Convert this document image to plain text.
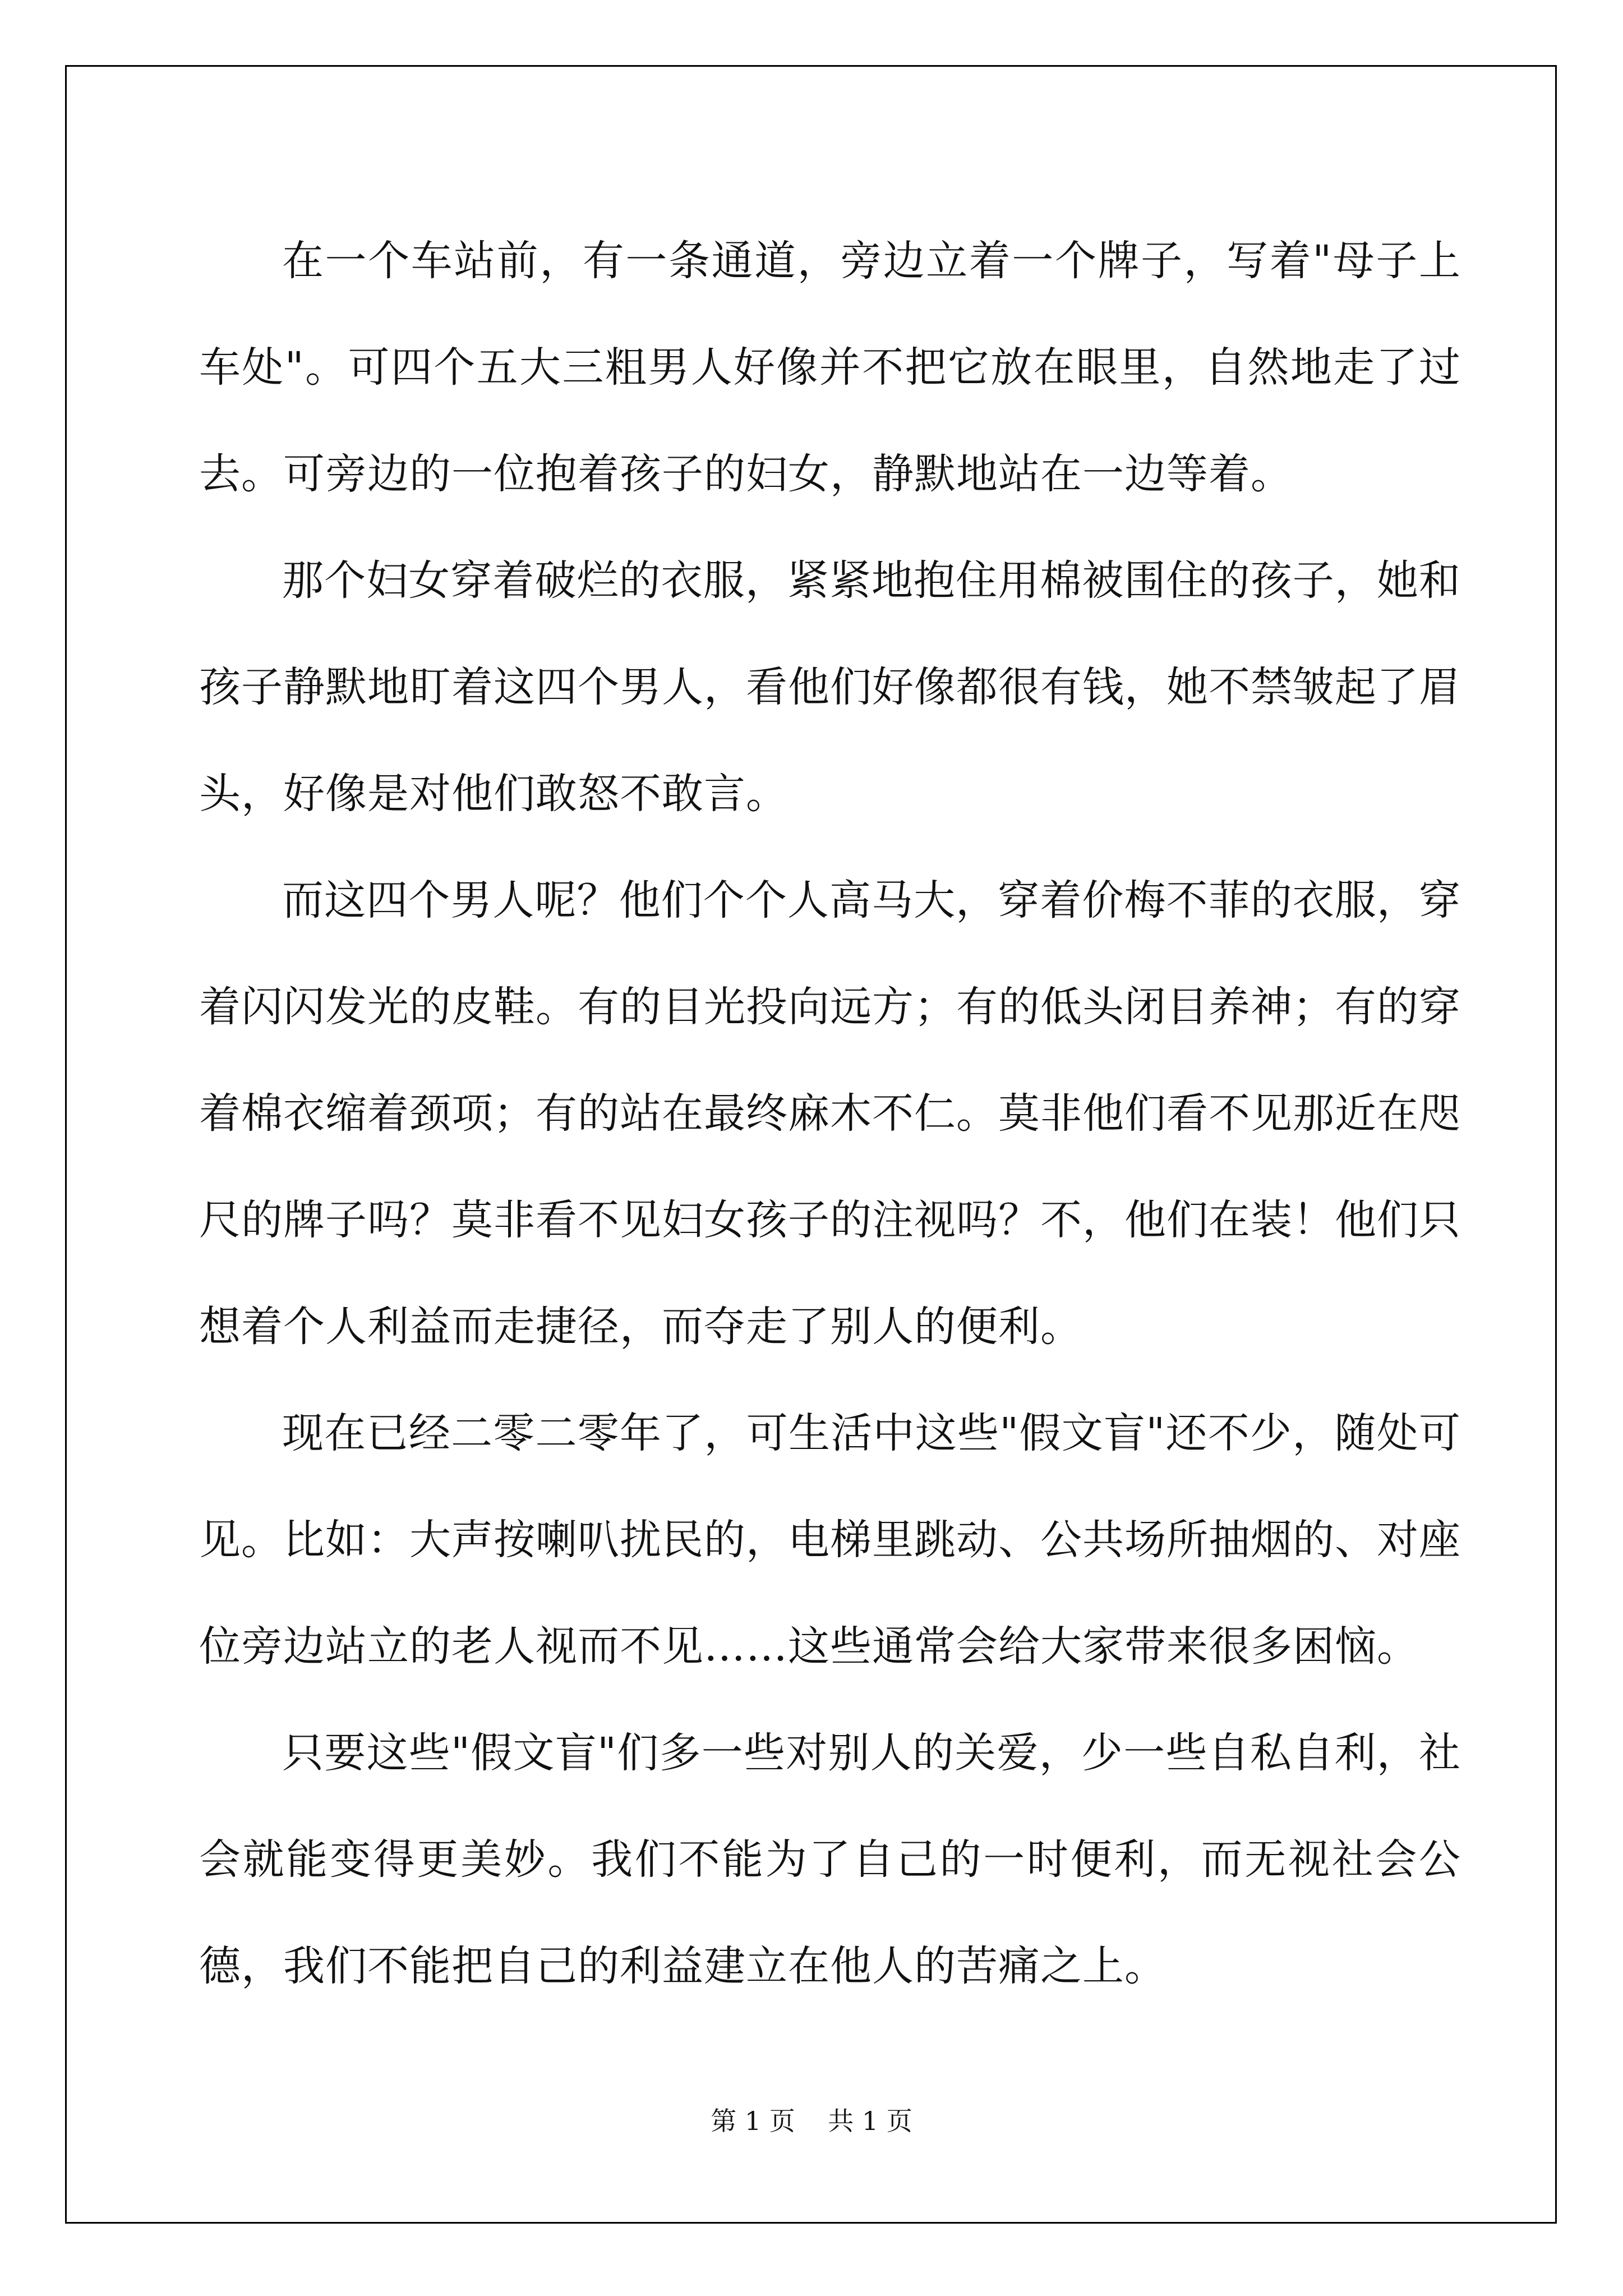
在一个车站前，有一条通道，旁边立着一个牌子，写着"母子上车处"。可四个五大三粗男人好像并不把它放在眼里，自然地走了过去。可旁边的一位抱着孩子的妇女，静默地站在一边等着。

那个妇女穿着破烂的衣服，紧紧地抱住用棉被围住的孩子，她和孩子静默地盯着这四个男人，看他们好像都很有钱，她不禁皱起了眉头，好像是对他们敢怒不敢言。

而这四个男人呢？他们个个人高马大，穿着价梅不菲的衣服，穿着闪闪发光的皮鞋。有的目光投向远方；有的低头闭目养神；有的穿着棉衣缩着颈项；有的站在最终麻木不仁。莫非他们看不见那近在咫尺的牌子吗？莫非看不见妇女孩子的注视吗？不，他们在装！他们只想着个人利益而走捷径，而夺走了别人的便利。

现在已经二零二零年了，可生活中这些"假文盲"还不少，随处可见。比如：大声按喇叭扰民的，电梯里跳动、公共场所抽烟的、对座位旁边站立的老人视而不见……这些通常会给大家带来很多困恼。

只要这些"假文盲"们多一些对别人的关爱，少一些自私自利，社会就能变得更美妙。我们不能为了自己的一时便利，而无视社会公德，我们不能把自己的利益建立在他人的苦痛之上。

第 1 页 共 1 页
